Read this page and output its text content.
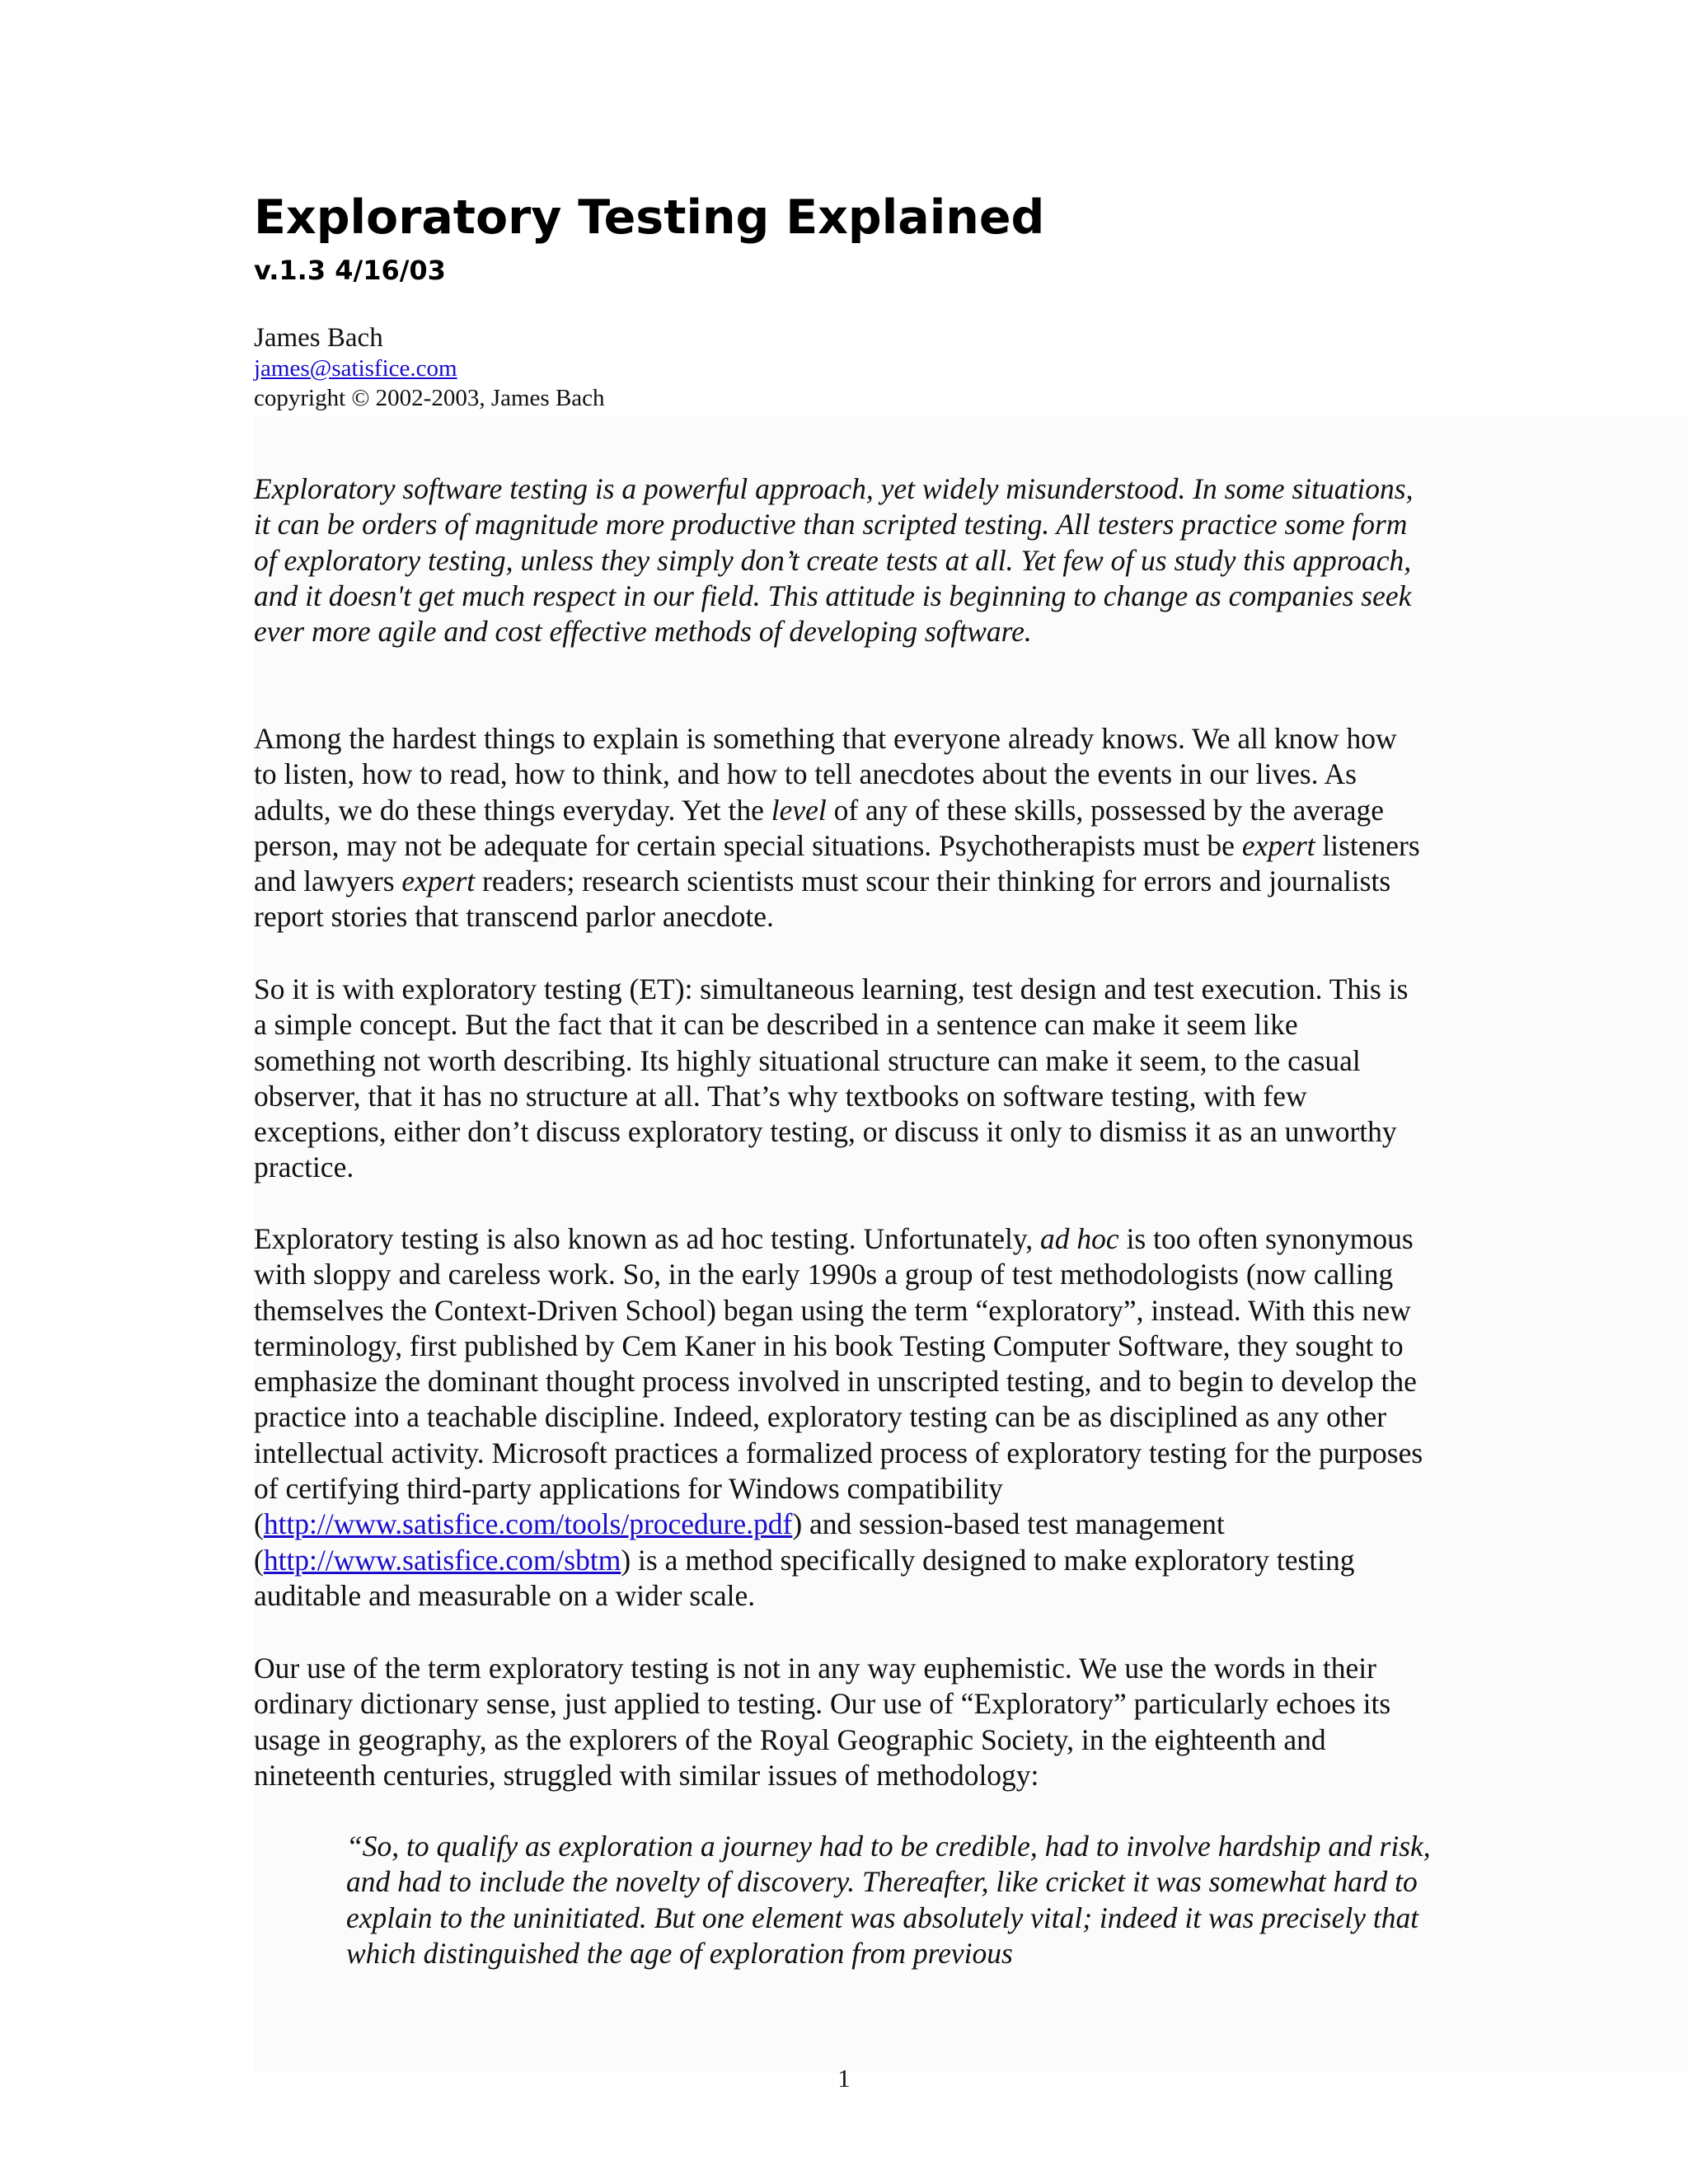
Exploratory Testing Explained
v.1.3 4/16/03
James Bach
james@satisfice.com
copyright © 2002-2003, James Bach

Exploratory software testing is a powerful approach, yet widely misunderstood. In some situations, it can be orders of magnitude more productive than scripted testing. All testers practice some form of exploratory testing, unless they simply don’t create tests at all. Yet few of us study this approach, and it doesn't get much respect in our field. This attitude is beginning to change as companies seek ever more agile and cost effective methods of developing software.

Among the hardest things to explain is something that everyone already knows. We all know how to listen, how to read, how to think, and how to tell anecdotes about the events in our lives. As adults, we do these things everyday. Yet the level of any of these skills, possessed by the average person, may not be adequate for certain special situations. Psychotherapists must be expert listeners and lawyers expert readers; research scientists must scour their thinking for errors and journalists report stories that transcend parlor anecdote.

So it is with exploratory testing (ET): simultaneous learning, test design and test execution. This is a simple concept. But the fact that it can be described in a sentence can make it seem like something not worth describing. Its highly situational structure can make it seem, to the casual observer, that it has no structure at all. That’s why textbooks on software testing, with few exceptions, either don’t discuss exploratory testing, or discuss it only to dismiss it as an unworthy practice.

Exploratory testing is also known as ad hoc testing. Unfortunately, ad hoc is too often synonymous with sloppy and careless work. So, in the early 1990s a group of test methodologists (now calling themselves the Context-Driven School) began using the term “exploratory”, instead. With this new terminology, first published by Cem Kaner in his book Testing Computer Software, they sought to emphasize the dominant thought process involved in unscripted testing, and to begin to develop the practice into a teachable discipline. Indeed, exploratory testing can be as disciplined as any other intellectual activity. Microsoft practices a formalized process of exploratory testing for the purposes of certifying third-party applications for Windows compatibility (http://www.satisfice.com/tools/procedure.pdf) and session-based test management (http://www.satisfice.com/sbtm) is a method specifically designed to make exploratory testing auditable and measurable on a wider scale.

Our use of the term exploratory testing is not in any way euphemistic. We use the words in their ordinary dictionary sense, just applied to testing. Our use of “Exploratory” particularly echoes its usage in geography, as the explorers of the Royal Geographic Society, in the eighteenth and nineteenth centuries, struggled with similar issues of methodology:

“So, to qualify as exploration a journey had to be credible, had to involve hardship and risk, and had to include the novelty of discovery. Thereafter, like cricket it was somewhat hard to explain to the uninitiated. But one element was absolutely vital; indeed it was precisely that which distinguished the age of exploration from previous

1
